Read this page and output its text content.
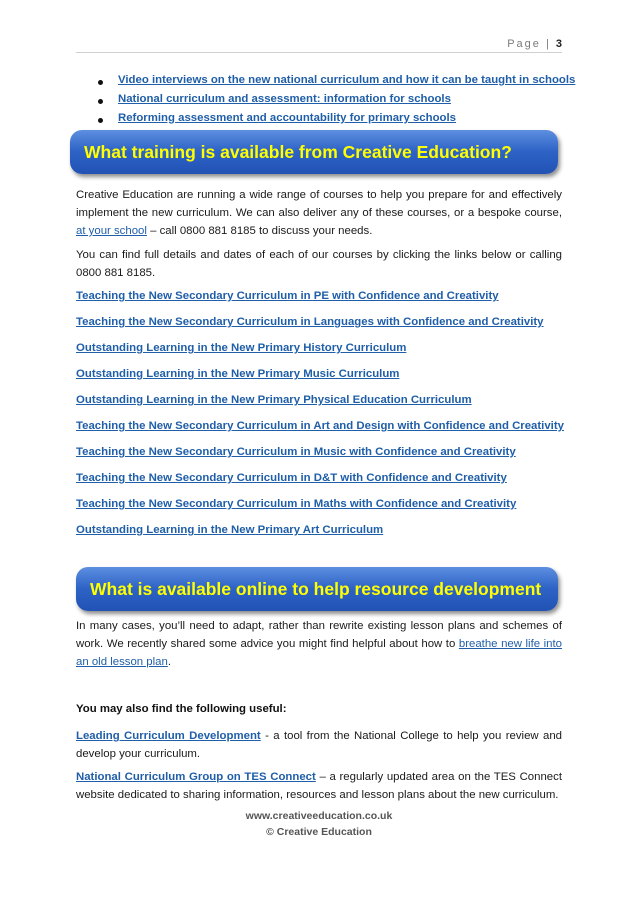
Page | 3
Video interviews on the new national curriculum and how it can be taught in schools
National curriculum and assessment: information for schools
Reforming assessment and accountability for primary schools
What training is available from Creative Education?

Creative Education are running a wide range of courses to help you prepare for and effectively implement the new curriculum. We can also deliver any of these courses, or a bespoke course, at your school – call 0800 881 8185 to discuss your needs.

You can find full details and dates of each of our courses by clicking the links below or calling 0800 881 8185.

Teaching the New Secondary Curriculum in PE with Confidence and Creativity
Teaching the New Secondary Curriculum in Languages with Confidence and Creativity
Outstanding Learning in the New Primary History Curriculum
Outstanding Learning in the New Primary Music Curriculum
Outstanding Learning in the New Primary Physical Education Curriculum
Teaching the New Secondary Curriculum in Art and Design with Confidence and Creativity
Teaching the New Secondary Curriculum in Music with Confidence and Creativity
Teaching the New Secondary Curriculum in D&T with Confidence and Creativity
Teaching the New Secondary Curriculum in Maths with Confidence and Creativity
Outstanding Learning in the New Primary Art Curriculum
What is available online to help resource development

In many cases, you’ll need to adapt, rather than rewrite existing lesson plans and schemes of work. We recently shared some advice you might find helpful about how to breathe new life into an old lesson plan.

You may also find the following useful:

Leading Curriculum Development - a tool from the National College to help you review and develop your curriculum.

National Curriculum Group on TES Connect – a regularly updated area on the TES Connect website dedicated to sharing information, resources and lesson plans about the new curriculum.

www.creativeeducation.co.uk
© Creative Education
